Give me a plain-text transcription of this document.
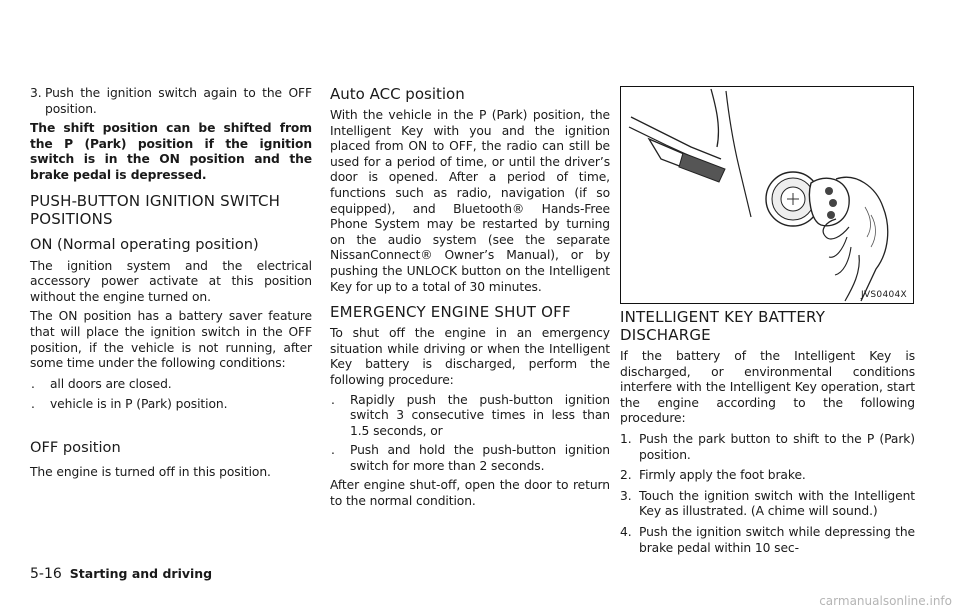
3. Push the ignition switch again to the OFF position.

The shift position can be shifted from the P (Park) position if the ignition switch is in the ON position and the brake pedal is depressed.

PUSH-BUTTON IGNITION SWITCH POSITIONS
ON (Normal operating position)

The ignition system and the electrical accessory power activate at this position without the engine turned on.

The ON position has a battery saver feature that will place the ignition switch in the OFF position, if the vehicle is not running, after some time under the following conditions:

.	all doors are closed.

.	vehicle is in P (Park) position.

OFF position

The engine is turned off in this position.

Auto ACC position

With the vehicle in the P (Park) position, the Intelligent Key with you and the ignition placed from ON to OFF, the radio can still be used for a period of time, or until the driver’s door is opened. After a period of time, functions such as radio, navigation (if so equipped), and Bluetooth® Hands-Free Phone System may be restarted by turning on the audio system (see the separate NissanConnect® Owner’s Manual), or by pushing the UNLOCK button on the Intelligent Key for up to a total of 30 minutes.

EMERGENCY ENGINE SHUT OFF

To shut off the engine in an emergency situation while driving or when the Intelligent Key battery is discharged, perform the following procedure:

.	Rapidly push the push-button ignition switch 3 consecutive times in less than 1.5 seconds, or

.	Push and hold the push-button ignition switch for more than 2 seconds.

After engine shut-off, open the door to return to the normal condition.

JVS0404X
INTELLIGENT KEY BATTERY DISCHARGE

If the battery of the Intelligent Key is discharged, or environmental conditions interfere with the Intelligent Key operation, start the engine according to the following procedure:

1. Push the park button to shift to the P (Park) position.

2. Firmly apply the foot brake.

3. Touch the ignition switch with the Intelligent Key as illustrated. (A chime will sound.)

4. Push the ignition switch while depressing the brake pedal within 10 sec-

5-16 Starting and driving
carmanualsonline.info
